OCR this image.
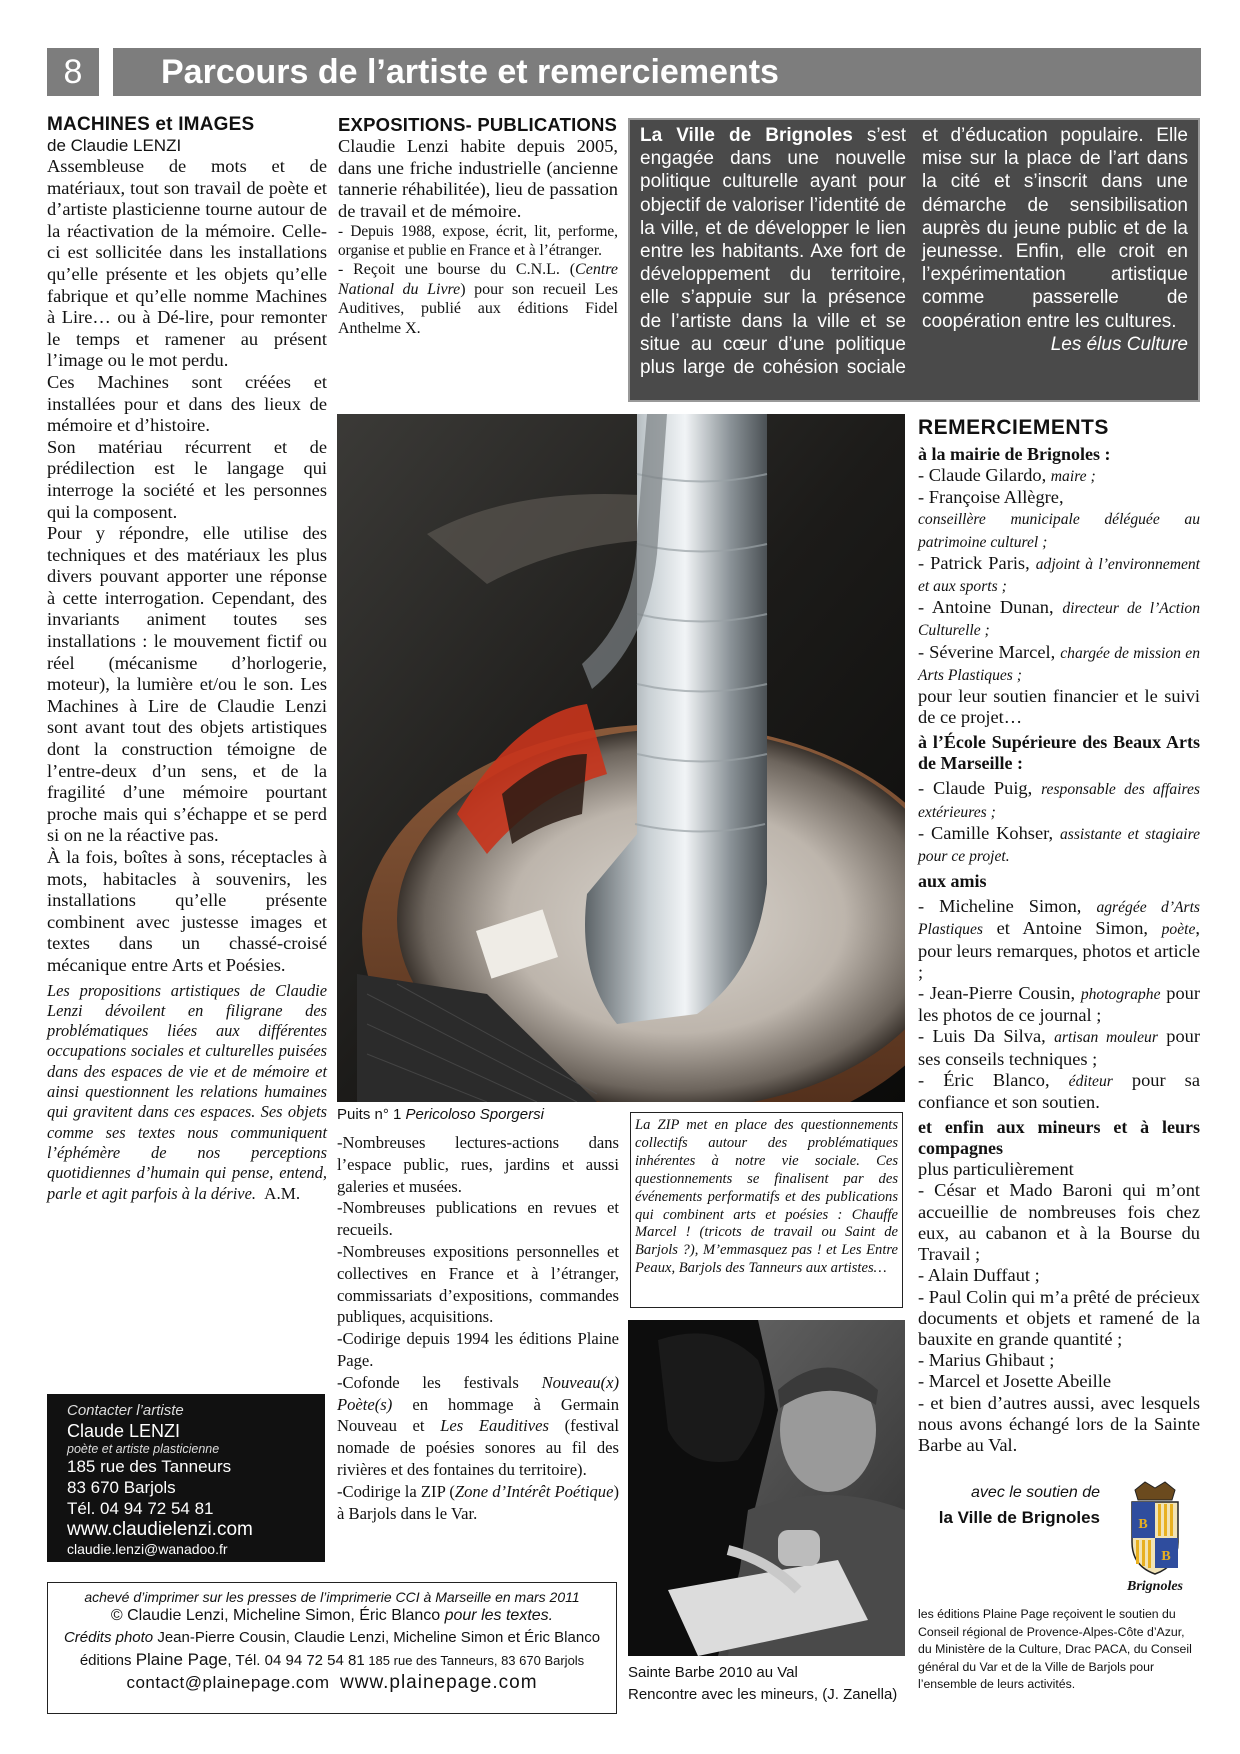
8	Parcours de l’artiste et remerciements
MACHINES et IMAGES
de Claudie LENZI

Assembleuse de mots et de matériaux, tout son travail de poète et d’artiste plasticienne tourne autour de la réactivation de la mémoire. Celle-ci est sollicitée dans les installations qu’elle présente et les objets qu’elle fabrique et qu’elle nomme Machines à Lire… ou à Dé-lire, pour remonter le temps et ramener au présent l’image ou le mot perdu.

Ces Machines sont créées et installées pour et dans des lieux de mémoire et d’histoire.

Son matériau récurrent et de prédilection est le langage qui interroge la société et les personnes qui la composent.

Pour y répondre, elle utilise des techniques et des matériaux les plus divers pouvant apporter une réponse à cette interrogation. Cependant, des invariants animent toutes ses installations : le mouvement fictif ou réel (mécanisme d’horlogerie, moteur), la lumière et/ou le son. Les Machines à Lire de Claudie Lenzi sont avant tout des objets artistiques dont la construction témoigne de l’entre-deux d’un sens, et de la fragilité d’une mémoire pourtant proche mais qui s’échappe et se perd si on ne la réactive pas.

À la fois, boîtes à sons, réceptacles à mots, habitacles à souvenirs, les installations qu’elle présente combinent avec justesse images et textes dans un chassé-croisé mécanique entre Arts et Poésies.

Les propositions artistiques de Claudie Lenzi dévoilent en filigrane des problématiques liées aux différentes occupations sociales et culturelles puisées dans des espaces de vie et de mémoire et ainsi questionnent les relations humaines qui gravitent dans ces espaces. Ses objets comme ses textes nous communiquent l’éphémère de nos perceptions quotidiennes d’humain qui pense, entend, parle et agit parfois à la dérive. A.M.

Contacter l’artiste
Claude LENZI
poète et artiste plasticienne
185 rue des Tanneurs
83 670 Barjols
Tél. 04 94 72 54 81
www.claudielenzi.com
claudie.lenzi@wanadoo.fr
EXPOSITIONS- PUBLICATIONS

Claudie Lenzi habite depuis 2005, dans une friche industrielle (ancienne tannerie réhabilitée), lieu de passation de travail et de mémoire.

- Depuis 1988, expose, écrit, lit, performe, organise et publie en France et à l’étranger.

- Reçoit une bourse du C.N.L. (Centre National du Livre) pour son recueil Les Auditives, publié aux éditions Fidel Anthelme X.

La Ville de Brignoles s’est engagée dans une nouvelle politique culturelle ayant pour objectif de valoriser l’identité de la ville, et de développer le lien entre les habitants. Axe fort de développement du territoire, elle s’appuie sur la présence de l’artiste dans la ville et se situe au cœur d’une politique plus large de cohésion sociale et d’éducation populaire. Elle mise sur la place de l’art dans la cité et s’inscrit dans une démarche de sensibilisation auprès du jeune public et de la jeunesse. Enfin, elle croit en l’expérimentation artistique comme passerelle de coopération entre les cultures.
Les élus Culture
Puits n° 1 Pericoloso Sporgersi

-Nombreuses lectures-actions dans l’espace public, rues, jardins et aussi galeries et musées.

-Nombreuses publications en revues et recueils.

-Nombreuses expositions personnelles et collectives en France et à l’étranger, commissariats d’expositions, commandes publiques, acquisitions.

-Codirige depuis 1994 les éditions Plaine Page.

-Cofonde les festivals Nouveau(x) Poète(s) en hommage à Germain Nouveau et Les Eauditives (festival nomade de poésies sonores au fil des rivières et des fontaines du territoire).

-Codirige la ZIP (Zone d’Intérêt Poétique) à Barjols dans le Var.

La ZIP met en place des questionnements collectifs autour des problématiques inhérentes à notre vie sociale. Ces questionnements se finalisent par des événements performatifs et des publications qui combinent arts et poésies : Chauffe Marcel ! (tricots de travail ou Saint de Barjols ?), M’emmasquez pas ! et Les Entre Peaux, Barjols des Tanneurs aux artistes…
Sainte Barbe 2010 au Val
Rencontre avec les mineurs, (J. Zanella)
achevé d’imprimer sur les presses de l’imprimerie CCI à Marseille en mars 2011
© Claudie Lenzi, Micheline Simon, Éric Blanco pour les textes.
Crédits photo Jean-Pierre Cousin, Claudie Lenzi, Micheline Simon et Éric Blanco
éditions Plaine Page, Tél. 04 94 72 54 81 185 rue des Tanneurs, 83 670 Barjols
contact@plainepage.com www.plainepage.com
REMERCIEMENTS
à la mairie de Brignoles :
- Claude Gilardo, maire ;
- Françoise Allègre,
conseillère municipale déléguée au patrimoine culturel ;
- Patrick Paris, adjoint à l’environnement et aux sports ;
- Antoine Dunan, directeur de l’Action Culturelle ;
- Séverine Marcel, chargée de mission en Arts Plastiques ;
pour leur soutien financier et le suivi de ce projet…
à l’École Supérieure des Beaux Arts de Marseille :
- Claude Puig, responsable des affaires extérieures ;
- Camille Kohser, assistante et stagiaire pour ce projet.
aux amis
- Micheline Simon, agrégée d’Arts Plastiques et Antoine Simon, poète, pour leurs remarques, photos et article ;
- Jean-Pierre Cousin, photographe pour les photos de ce journal ;
- Luis Da Silva, artisan mouleur pour ses conseils techniques ;
- Éric Blanco, éditeur pour sa confiance et son soutien.
et enfin aux mineurs et à leurs compagnes
plus particulièrement
- César et Mado Baroni qui m’ont accueillie de nombreuses fois chez eux, au cabanon et à la Bourse du Travail ;
- Alain Duffaut ;
- Paul Colin qui m’a prêté de précieux documents et objets et ramené de la bauxite en grande quantité ;
- Marius Ghibaut ;
- Marcel et Josette Abeille
- et bien d’autres aussi, avec lesquels nous avons échangé lors de la Sainte Barbe au Val.
avec le soutien de
la Ville de Brignoles	B
B
Brignoles
les éditions Plaine Page reçoivent le soutien du Conseil régional de Provence-Alpes-Côte d’Azur, du Ministère de la Culture, Drac PACA, du Conseil général du Var et de la Ville de Barjols pour l’ensemble de leurs activités.
